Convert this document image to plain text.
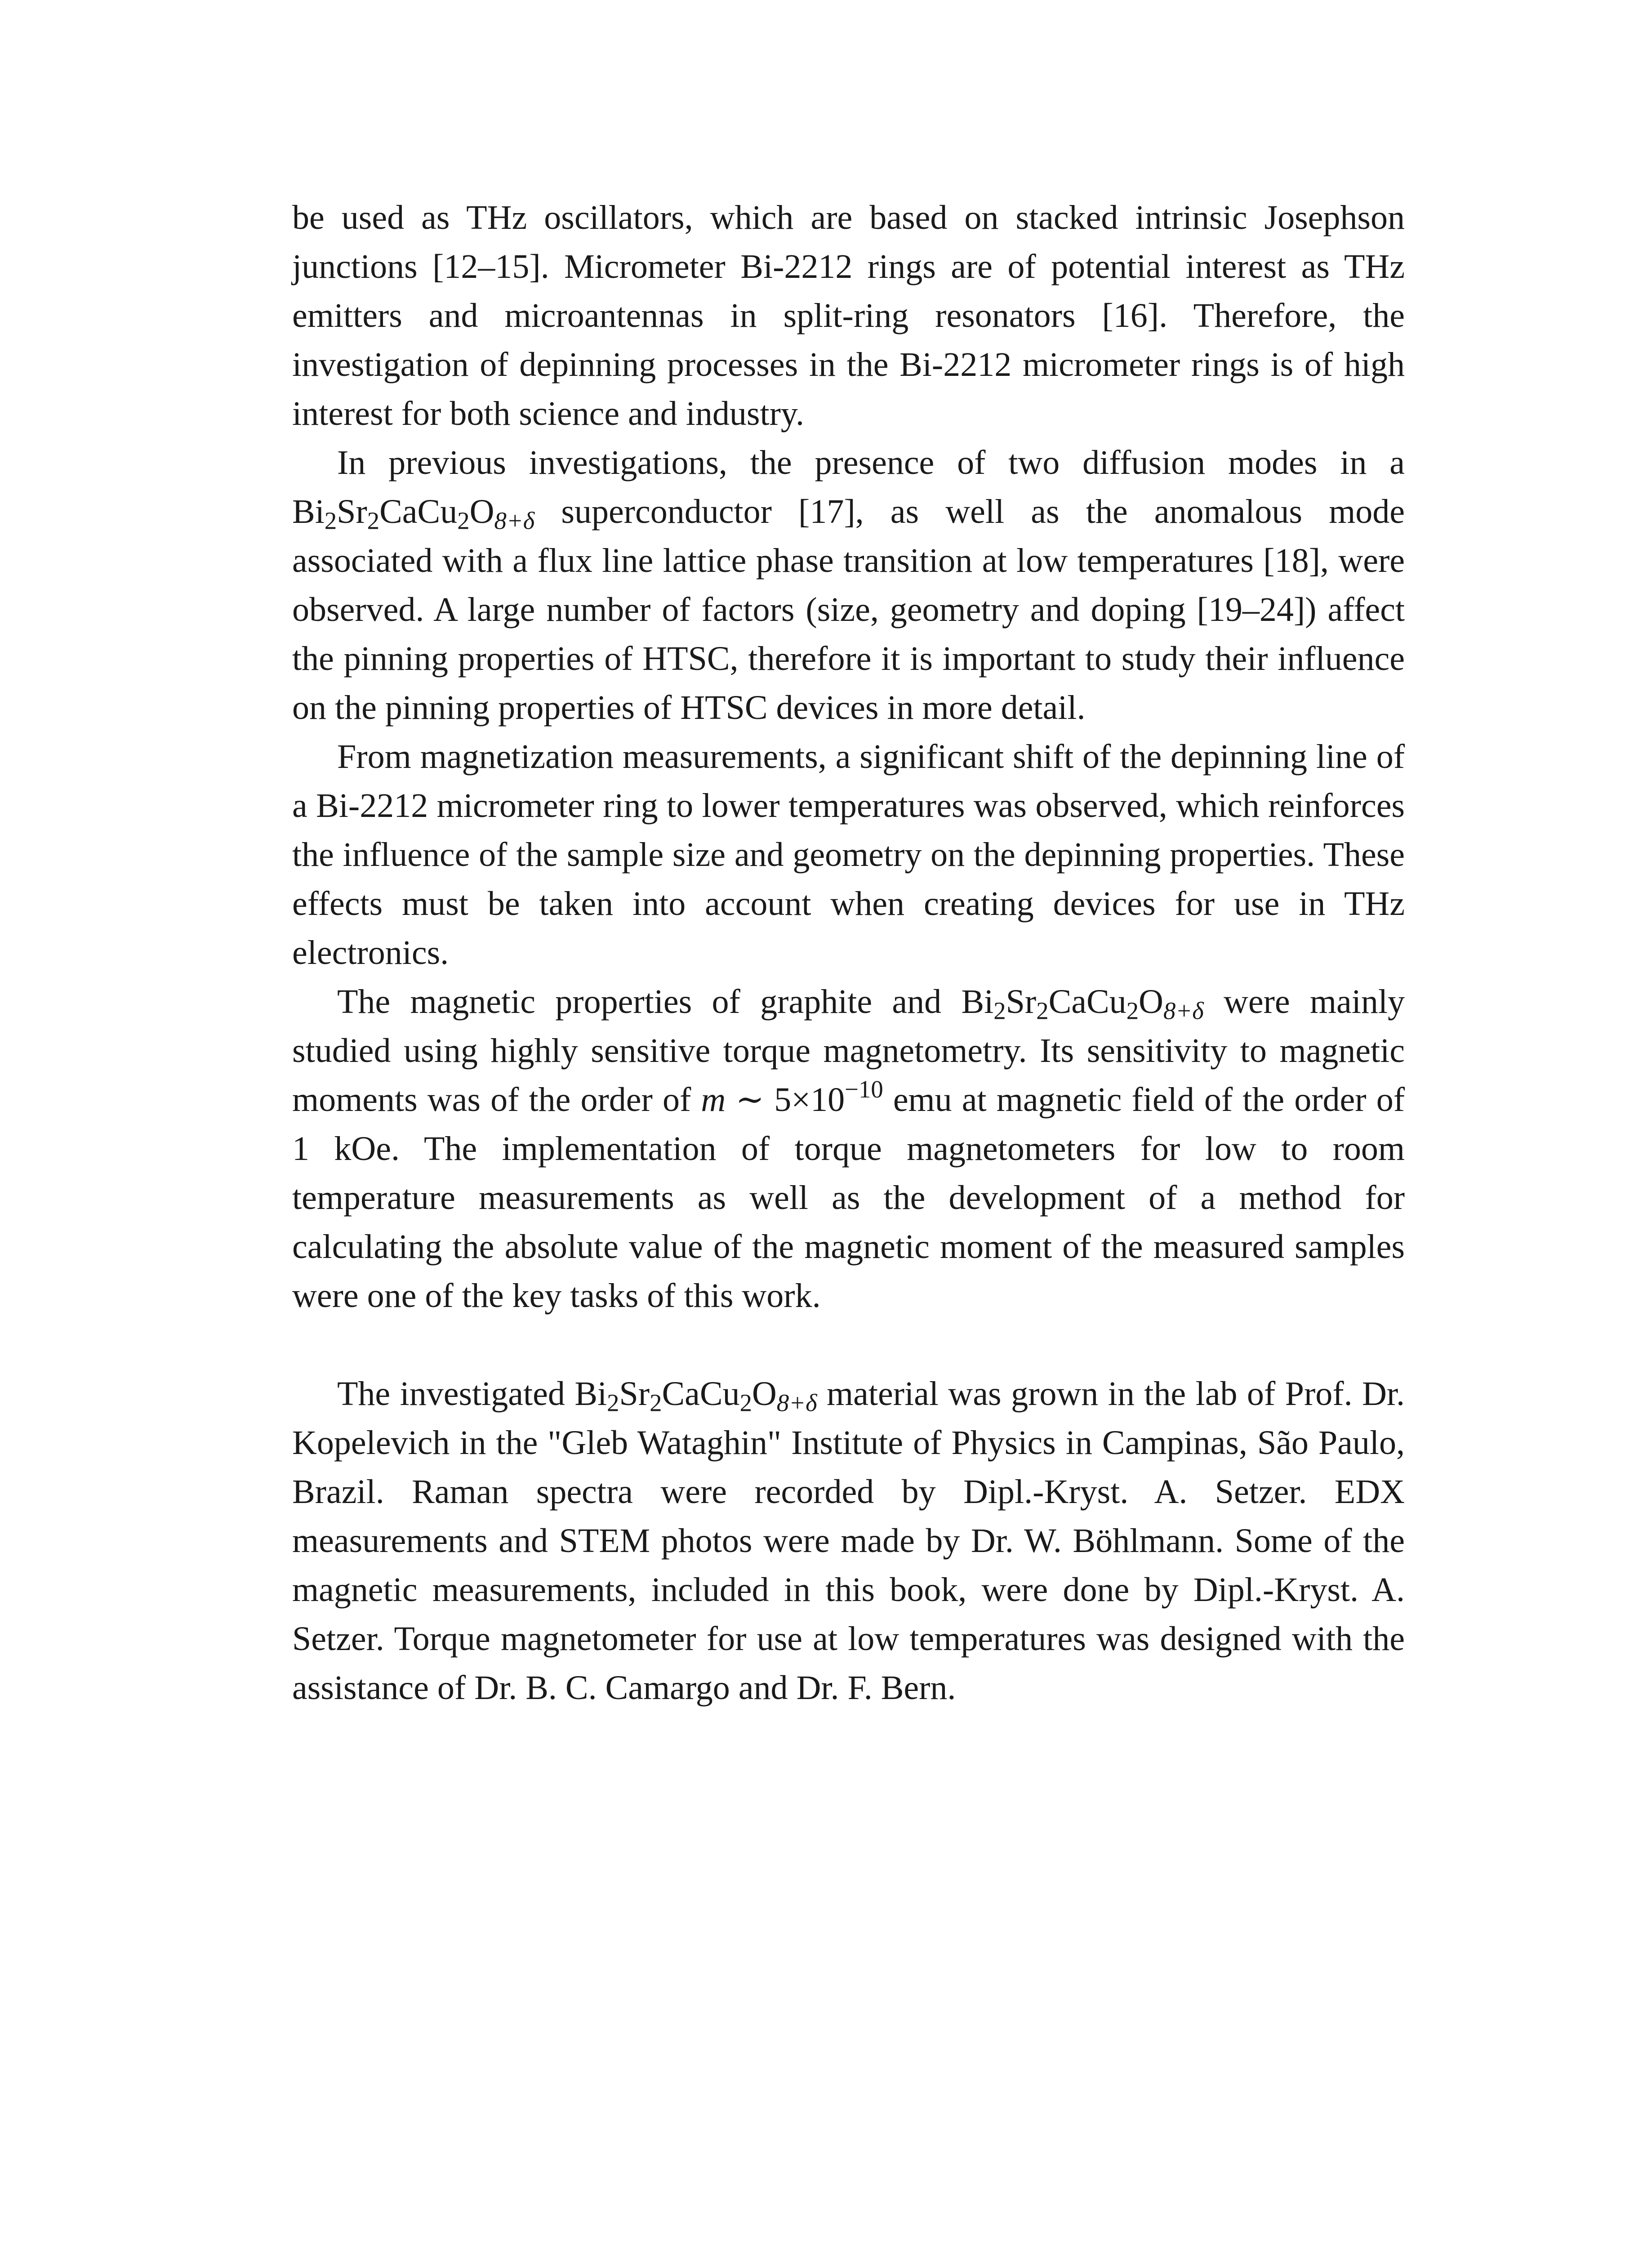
be used as THz oscillators, which are based on stacked intrinsic Josephson junctions [12–15]. Micrometer Bi-2212 rings are of potential interest as THz emitters and microantennas in split-ring resonators [16]. Therefore, the investigation of depinning processes in the Bi-2212 micrometer rings is of high interest for both science and industry.

In previous investigations, the presence of two diffusion modes in a $Bi_2Sr_2CaCu_2O_{8+\delta}$ superconductor [17], as well as the anomalous mode associated with a flux line lattice phase transition at low temperatures [18], were observed. A large number of factors (size, geometry and doping [19–24]) affect the pinning properties of HTSC, therefore it is important to study their influence on the pinning properties of HTSC devices in more detail.

From magnetization measurements, a significant shift of the depinning line of a Bi-2212 micrometer ring to lower temperatures was observed, which reinforces the influence of the sample size and geometry on the depinning properties. These effects must be taken into account when creating devices for use in THz electronics.

The magnetic properties of graphite and $Bi_2Sr_2CaCu_2O_{8+\delta}$ were mainly studied using highly sensitive torque magnetometry. Its sensitivity to magnetic moments was of the order of m ∼ $5\times 10^{-10}$ emu at magnetic field of the order of 1 kOe. The implementation of torque magnetometers for low to room temperature measurements as well as the development of a method for calculating the absolute value of the magnetic moment of the measured samples were one of the key tasks of this work.

The investigated $Bi_2Sr_2CaCu_2O_{8+\delta}$ material was grown in the lab of Prof. Dr. Kopelevich in the "Gleb Wataghin" Institute of Physics in Campinas, São Paulo, Brazil. Raman spectra were recorded by Dipl.-Kryst. A. Setzer. EDX measurements and STEM photos were made by Dr. W. Böhlmann. Some of the magnetic measurements, included in this book, were done by Dipl.-Kryst. A. Setzer. Torque magnetometer for use at low temperatures was designed with the assistance of Dr. B. C. Camargo and Dr. F. Bern.
